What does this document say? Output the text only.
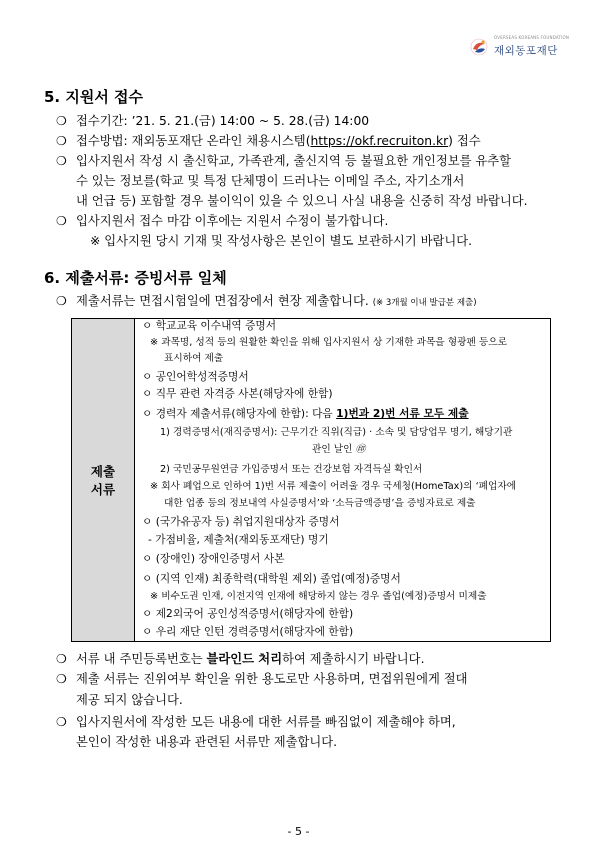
OVERSEAS KOREANS FOUNDATION
재외동포재단
5. 지원서 접수
❍ 접수기간: ’21. 5. 21.(금) 14:00 ~ 5. 28.(금) 14:00
❍ 접수방법: 재외동포재단 온라인 채용시스템(https://okf.recruiton.kr) 접수
❍ 입사지원서 작성 시 출신학교, 가족관계, 출신지역 등 불필요한 개인정보를 유추할
수 있는 정보를(학교 및 특정 단체명이 드러나는 이메일 주소, 자기소개서
내 언급 등) 포함할 경우 불이익이 있을 수 있으니 사실 내용을 신중히 작성 바랍니다.
❍ 입사지원서 접수 마감 이후에는 지원서 수정이 불가합니다.
※ 입사지원 당시 기재 및 작성사항은 본인이 별도 보관하시기 바랍니다.
6. 제출서류: 증빙서류 일체
❍ 제출서류는 면접시험일에 면접장에서 현장 제출합니다. (※ 3개월 이내 발급분 제출)
제출
서류
ㅇ 학교교육 이수내역 증명서
※ 과목명, 성적 등의 원활한 확인을 위해 입사지원서 상 기재한 과목을 형광펜 등으로
표시하여 제출
ㅇ 공인어학성적증명서
ㅇ 직무 관련 자격증 사본(해당자에 한함)
ㅇ 경력자 제출서류(해당자에 한함): 다음 1)번과 2)번 서류 모두 제출
1) 경력증명서(재직증명서): 근무기간 직위(직급) · 소속 및 담당업무 명기, 해당기관
관인 날인 ㊞
2) 국민공무원연금 가입증명서 또는 건강보험 자격득실 확인서
※ 회사 폐업으로 인하여 1)번 서류 제출이 어려울 경우 국세청(HomeTax)의 ‘폐업자에
대한 업종 등의 정보내역 사실증명서’와 ‘소득금액증명’을 증빙자료로 제출
ㅇ (국가유공자 등) 취업지원대상자 증명서
- 가점비율, 제출처(재외동포재단) 명기
ㅇ (장애인) 장애인증명서 사본
ㅇ (지역 인재) 최종학력(대학원 제외) 졸업(예정)증명서
※ 비수도권 인재, 이전지역 인재에 해당하지 않는 경우 졸업(예정)증명서 미제출
ㅇ 제2외국어 공인성적증명서(해당자에 한함)
ㅇ 우리 재단 인턴 경력증명서(해당자에 한함)
❍ 서류 내 주민등록번호는 블라인드 처리하여 제출하시기 바랍니다.
❍ 제출 서류는 진위여부 확인을 위한 용도로만 사용하며, 면접위원에게 절대
제공 되지 않습니다.
❍ 입사지원서에 작성한 모든 내용에 대한 서류를 빠짐없이 제출해야 하며,
본인이 작성한 내용과 관련된 서류만 제출합니다.
- 5 -
